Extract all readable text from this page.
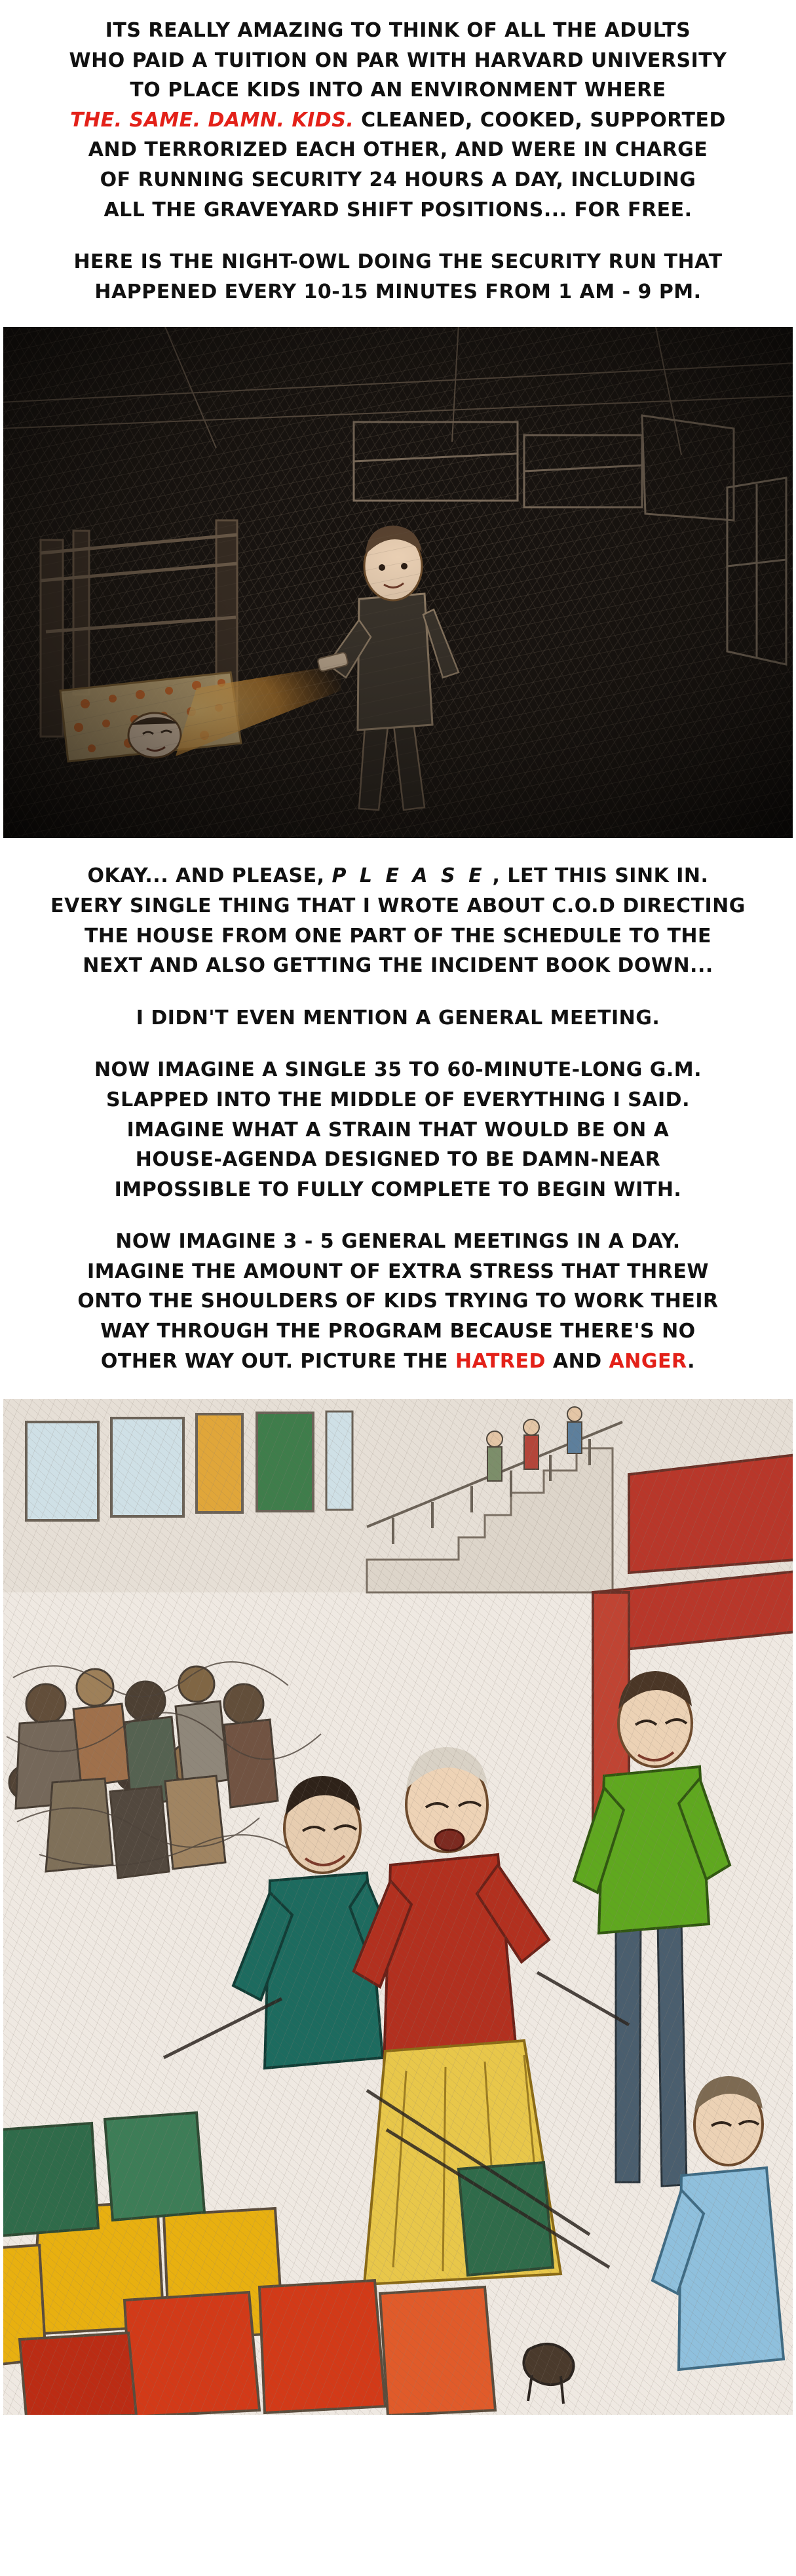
ITS REALLY AMAZING TO THINK OF ALL THE ADULTS

WHO PAID A TUITION ON PAR WITH HARVARD UNIVERSITY

TO PLACE KIDS INTO AN ENVIRONMENT WHERE

THE. SAME. DAMN. KIDS. CLEANED, COOKED, SUPPORTED

AND TERRORIZED EACH OTHER, AND WERE IN CHARGE

OF RUNNING SECURITY 24 HOURS A DAY, INCLUDING

ALL THE GRAVEYARD SHIFT POSITIONS... FOR FREE.

HERE IS THE NIGHT-OWL DOING THE SECURITY RUN THAT

HAPPENED EVERY 10-15 MINUTES FROM 1 AM - 9 PM.

OKAY... AND PLEASE, P L E A S E , LET THIS SINK IN.

EVERY SINGLE THING THAT I WROTE ABOUT C.O.D DIRECTING

THE HOUSE FROM ONE PART OF THE SCHEDULE TO THE

NEXT AND ALSO GETTING THE INCIDENT BOOK DOWN...

I DIDN'T EVEN MENTION A GENERAL MEETING.

NOW IMAGINE A SINGLE 35 TO 60-MINUTE-LONG G.M.

SLAPPED INTO THE MIDDLE OF EVERYTHING I SAID.

IMAGINE WHAT A STRAIN THAT WOULD BE ON A

HOUSE-AGENDA DESIGNED TO BE DAMN-NEAR

IMPOSSIBLE TO FULLY COMPLETE TO BEGIN WITH.

NOW IMAGINE 3 - 5 GENERAL MEETINGS IN A DAY.

IMAGINE THE AMOUNT OF EXTRA STRESS THAT THREW

ONTO THE SHOULDERS OF KIDS TRYING TO WORK THEIR

WAY THROUGH THE PROGRAM BECAUSE THERE'S NO

OTHER WAY OUT. PICTURE THE HATRED AND ANGER.
